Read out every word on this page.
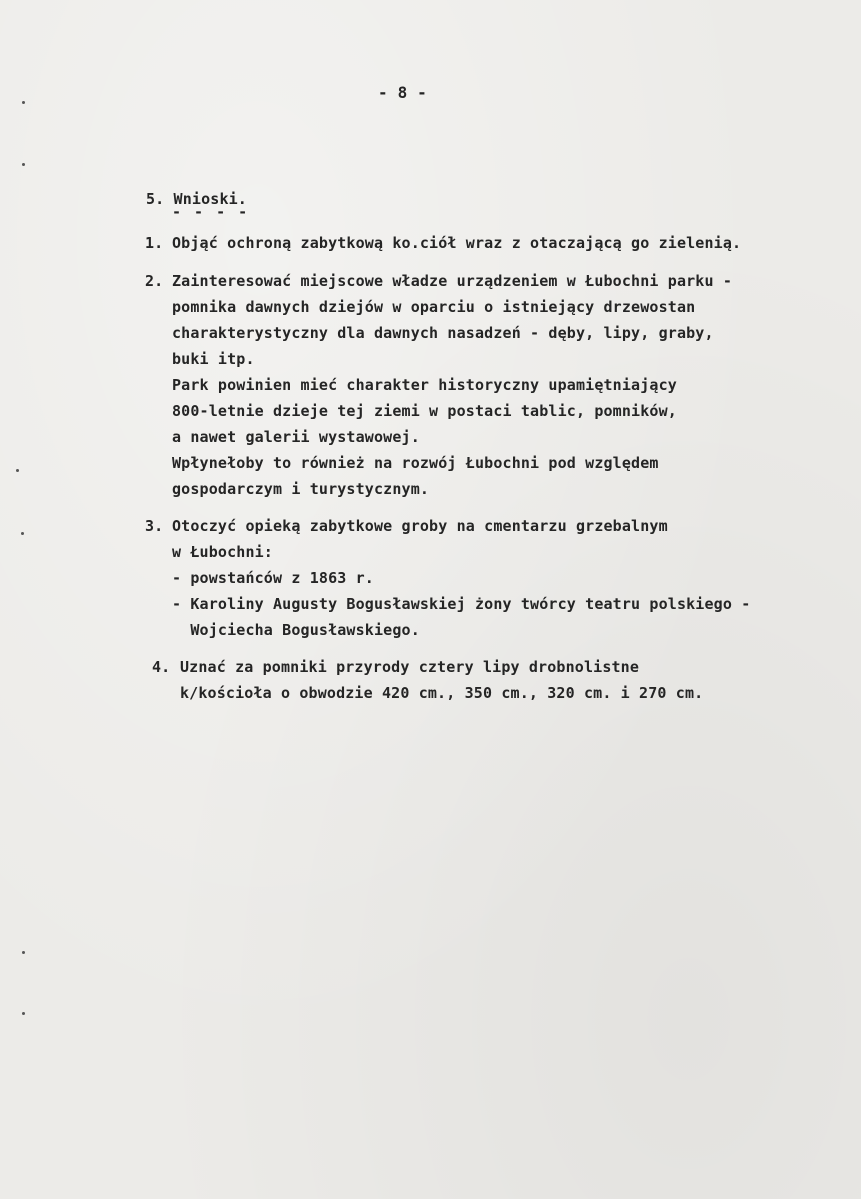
- 8 -
5. Wnioski.
- - - -
1. Objąć ochroną zabytkową ko.ciół wraz z otaczającą go zielenią.
2. Zainteresować miejscowe władze urządzeniem w Łubochni parku -
pomnika dawnych dziejów w oparciu o istniejący drzewostan
charakterystyczny dla dawnych nasadzeń - dęby, lipy, graby,
buki itp.
Park powinien mieć charakter historyczny upamiętniający
800-letnie dzieje tej ziemi w postaci tablic, pomników,
a nawet galerii wystawowej.
Wpłynełoby to również na rozwój Łubochni pod względem
gospodarczym i turystycznym.
3. Otoczyć opieką zabytkowe groby na cmentarzu grzebalnym
w Łubochni:
- powstańców z 1863 r.
- Karoliny Augusty Bogusławskiej żony twórcy teatru polskiego -
Wojciecha Bogusławskiego.
4. Uznać za pomniki przyrody cztery lipy drobnolistne
k/kościoła o obwodzie 420 cm., 350 cm., 320 cm. i 270 cm.
